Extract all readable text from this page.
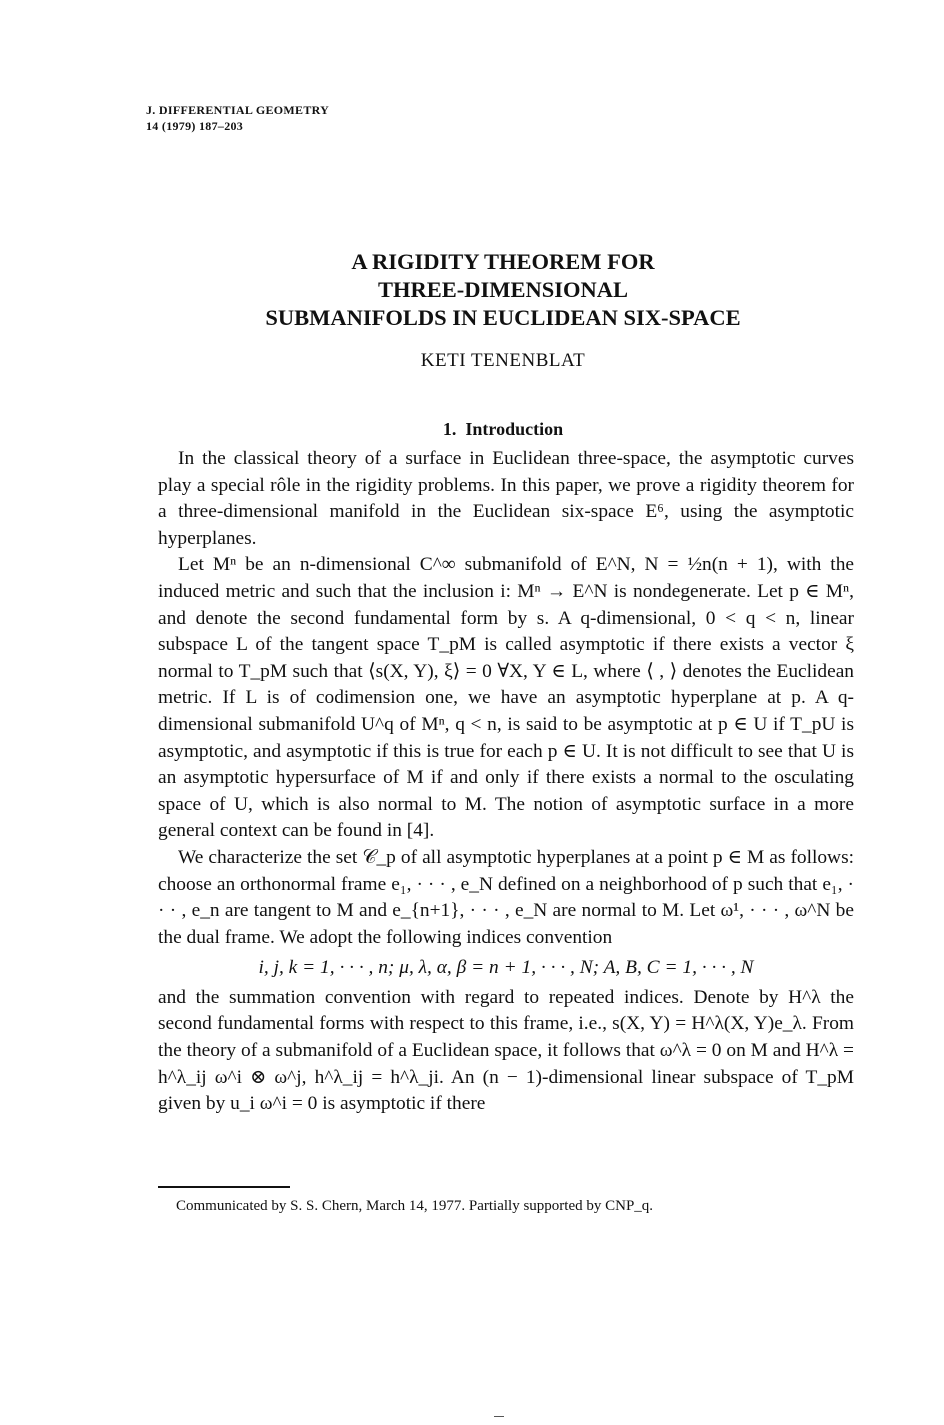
J. DIFFERENTIAL GEOMETRY
14 (1979) 187–203
A RIGIDITY THEOREM FOR
THREE-DIMENSIONAL
SUBMANIFOLDS IN EUCLIDEAN SIX-SPACE
KETI TENENBLAT
1. Introduction

In the classical theory of a surface in Euclidean three-space, the asymptotic curves play a special rôle in the rigidity problems. In this paper, we prove a rigidity theorem for a three-dimensional manifold in the Euclidean six-space E⁶, using the asymptotic hyperplanes.

Let Mⁿ be an n-dimensional C^∞ submanifold of E^N, N = ½n(n + 1), with the induced metric and such that the inclusion i: Mⁿ → E^N is nondegenerate. Let p ∈ Mⁿ, and denote the second fundamental form by s. A q-dimensional, 0 < q < n, linear subspace L of the tangent space T_pM is called asymptotic if there exists a vector ξ normal to T_pM such that ⟨s(X, Y), ξ⟩ = 0 ∀X, Y ∈ L, where ⟨ , ⟩ denotes the Euclidean metric. If L is of codimension one, we have an asymptotic hyperplane at p. A q-dimensional submanifold U^q of Mⁿ, q < n, is said to be asymptotic at p ∈ U if T_pU is asymptotic, and asymptotic if this is true for each p ∈ U. It is not difficult to see that U is an asymptotic hypersurface of M if and only if there exists a normal to the osculating space of U, which is also normal to M. The notion of asymptotic surface in a more general context can be found in [4].

We characterize the set 𝒞_p of all asymptotic hyperplanes at a point p ∈ M as follows: choose an orthonormal frame e₁, · · · , e_N defined on a neighborhood of p such that e₁, · · · , e_n are tangent to M and e_{n+1}, · · · , e_N are normal to M. Let ω¹, · · · , ω^N be the dual frame. We adopt the following indices convention

i, j, k = 1, · · · , n; μ, λ, α, β = n + 1, · · · , N; A, B, C = 1, · · · , N

and the summation convention with regard to repeated indices. Denote by H^λ the second fundamental forms with respect to this frame, i.e., s(X, Y) = H^λ(X, Y)e_λ. From the theory of a submanifold of a Euclidean space, it follows that ω^λ = 0 on M and H^λ = h^λ_ij ω^i ⊗ ω^j, h^λ_ij = h^λ_ji. An (n − 1)-dimensional linear subspace of T_pM given by u_i ω^i = 0 is asymptotic if there

Communicated by S. S. Chern, March 14, 1977. Partially supported by CNP_q.
